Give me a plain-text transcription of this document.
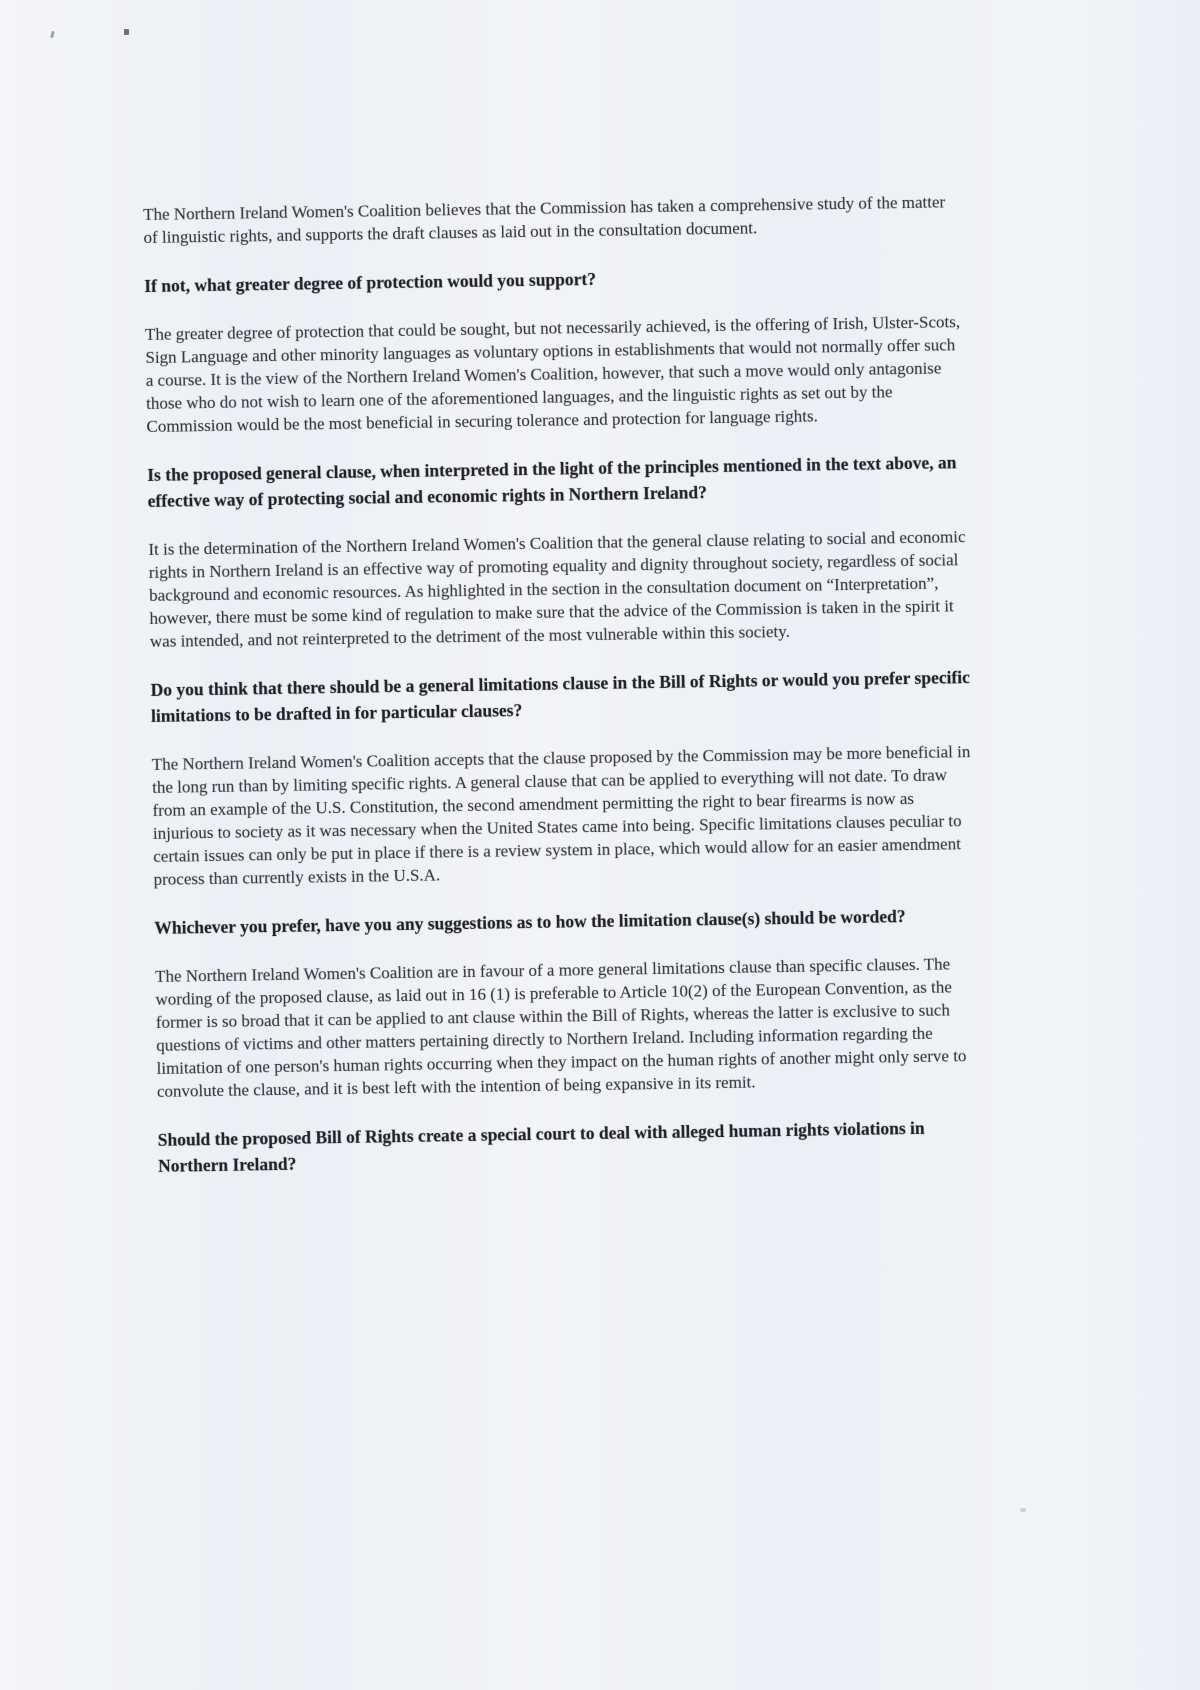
The Northern Ireland Women's Coalition believes that the Commission has taken a comprehensive study of the matter of linguistic rights, and supports the draft clauses as laid out in the consultation document.

If not, what greater degree of protection would you support?

The greater degree of protection that could be sought, but not necessarily achieved, is the offering of Irish, Ulster-Scots, Sign Language and other minority languages as voluntary options in establishments that would not normally offer such a course. It is the view of the Northern Ireland Women's Coalition, however, that such a move would only antagonise those who do not wish to learn one of the aforementioned languages, and the linguistic rights as set out by the Commission would be the most beneficial in securing tolerance and protection for language rights.

Is the proposed general clause, when interpreted in the light of the principles mentioned in the text above, an effective way of protecting social and economic rights in Northern Ireland?

It is the determination of the Northern Ireland Women's Coalition that the general clause relating to social and economic rights in Northern Ireland is an effective way of promoting equality and dignity throughout society, regardless of social background and economic resources. As highlighted in the section in the consultation document on “Interpretation”, however, there must be some kind of regulation to make sure that the advice of the Commission is taken in the spirit it was intended, and not reinterpreted to the detriment of the most vulnerable within this society.

Do you think that there should be a general limitations clause in the Bill of Rights or would you prefer specific limitations to be drafted in for particular clauses?

The Northern Ireland Women's Coalition accepts that the clause proposed by the Commission may be more beneficial in the long run than by limiting specific rights. A general clause that can be applied to everything will not date. To draw from an example of the U.S. Constitution, the second amendment permitting the right to bear firearms is now as injurious to society as it was necessary when the United States came into being. Specific limitations clauses peculiar to certain issues can only be put in place if there is a review system in place, which would allow for an easier amendment process than currently exists in the U.S.A.

Whichever you prefer, have you any suggestions as to how the limitation clause(s) should be worded?

The Northern Ireland Women's Coalition are in favour of a more general limitations clause than specific clauses. The wording of the proposed clause, as laid out in 16 (1) is preferable to Article 10(2) of the European Convention, as the former is so broad that it can be applied to ant clause within the Bill of Rights, whereas the latter is exclusive to such questions of victims and other matters pertaining directly to Northern Ireland. Including information regarding the limitation of one person's human rights occurring when they impact on the human rights of another might only serve to convolute the clause, and it is best left with the intention of being expansive in its remit.

Should the proposed Bill of Rights create a special court to deal with alleged human rights violations in Northern Ireland?
